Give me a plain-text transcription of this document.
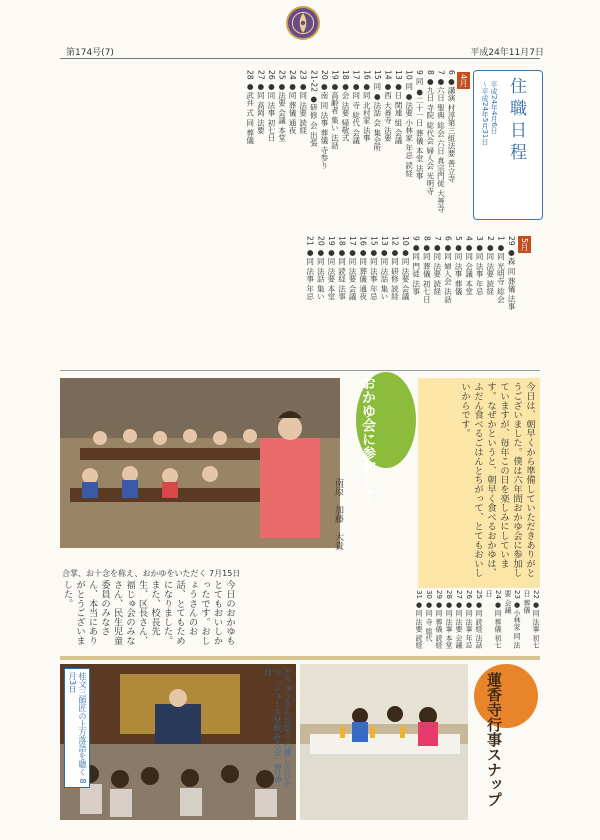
第174号(7)	平成24年11月7日
住職日程
平成24年4月6日
〜平成24年5月31日
4月
5月
6 ●講演 村淳第三組法要 善立寺
7 ●六日 聖典 総会 六日 真宗門徒 大善寺
8 ●九日 寺院 総代会 婦人会 光明寺
9 同 ●二十一日 葬儀 本堂 法事
10 同 ●法要 小林家 年忌 読経
13 ●日 関連 組 会議
14 ●西 大善寺 法要
15 同 ●法話 会 集会所
16 ●同 北村家 法事
17 ●同 寺 総代 会議
18 ●会 法要 帰敬式
19 ●高齢者 集い 法話
20 ●南 同 法事 葬儀 寺参り
21-22 ●研修 会 出張
23 ●同 法要 読経
24 ●同 葬儀 通夜
25 ●法要 会議 本堂
26 ●同 法事 初七日
27 ●同 高岡 法要
28 ●武井 式 同 葬儀
29 ●森 同 葬儀 法事
1 ●同 光明寺 総会
2 ●同 法要 読経
3 ●同 法事 年忌
4 ●同 会議 本堂
5 ●同 法事 葬儀
6 ●同 婦人会 法話
7 ●同 法要 読経
8 ●同 葬儀 初七日
9 ●同 門徒 法事
10 ●同 法要 会議
12 ●同 研修 読経
13 ●同 法話 集い
15 ●同 法事 年忌
16 ●同 葬儀 通夜
17 ●同 法要 会議
18 ●同 読経 法事
19 ●同 法要 本堂
20 ●同 法話 集い
21 ●同 法事 年忌
22 ●同 法事 初七日 葬儀
23 ●小林家 同 法要 会議
24 ●同 葬儀 初七日
25 ●同 読経 法話
26 ●同 法事 年忌
27 ●同 法要 会議
28 ●同 法事 本堂
29 ●同 葬儀 読経
30 ●同 寺 総代
31 ●同 法要 読経
合掌、お十念を称え、おかゆをいただく 7月15日
おかゆ会に参加して
南原　加藤　大貴	今日は、朝早くから準備していただきありがとうございました。僕は六年間おかゆ会に参加していますが、毎年この日を楽しみにしています。なぜかというと、朝早く食べるおかゆは、ふだん食べるごはんとちがって、とてもおいしいからです。

今日のおかゆもとてもおいしかったです。おしょうさんのお話、とてもためになりました。また、校長先生、区長さん、福じゅ会のみなさん、民生児童委員のみなさん、本当にありがとうございました。

桂文三師匠の上方落語を聴く 8月3日	どりゅうさんお祭りの催しのひとつ「ジュース早飲み大会」8月8日	蓮香寺行事スナップ
